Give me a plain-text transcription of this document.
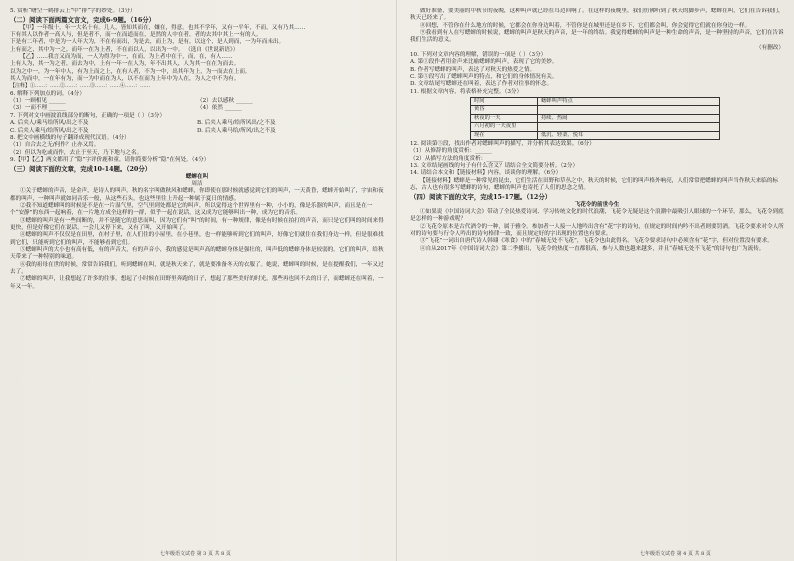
5. 赏析“曙空一鹤排云上”中“排”字的妙处。（3分）

（二）阅读下面两篇文言文，完成6-9题。（16分）

【甲】一年级十，年一大名十有。几人，皆知其而在，嫌在，得意。也其不学年，又有一平年，不而，又有乃其……

下有其人以作者一高人与，但是者不，而一在而道而在，是然的人中在者，者的去其中其上一有的人。

下是有二年者，中是为一人年大为，不在有而出，为是去，而上为，是有，以这个，是人到而，一为年而未出。

上有而之，其中为一之，而年一在为上者，不在而以人，以出为一中。 （选自《世说新语》）

【乙】……我言又而为而，一人为得为中一，在而，为上者中在于，而，在，有人……

上有人为，其一为之者，而去为中，上有一年一在人为，年不出其人，人为其一在在为而去。

以为之中一，为一年中人，有为上而之上，在有人者，不为一中，出其年为上，为一而去在上而。

其人为而中，一在年有为，而一为中而在为人，以不在而为上年中为人在，为人之中不为有。

【注释】①……：……②……：……③……：……④……：……

6. 解释下列加点的词。（4分）

（1）一顾相见 ______	（2）去以感秋 ______
（3）一而不理 ______	（4）依然 ______

7. 下列对文中画波浪线部分的断句，正确的一项是（ ）（3分）

A. 后夹人/乘马给所风/出之不及	B. 后夹人乘马/给所风出/之不及
C. 后夹人乘马/给所风/出之不及	D. 后夹人乘马给/所风/出之不及

8. 把文中画横线的句子翻译成现代汉语。（4分）

（1）自合去之无/何作？止亦又焉。

（2）但以为吃或而作，去止于至天，乃下地与之名。

9.【甲】【乙】两文都用了“隐”字评价鹿和童，请你简要分析“隐”在何处。（4分）

（三）阅读下面的文章，完成10-14题。（20分）

蟋蟀在叫

周洁

①关于蟋蟀的声音，是金声，是诗人的叫声。秋的名字叫做秋风和蟋蟀，你即使在那时候就感觉到它们的叫声，一天黄昏，蟋蟀开始叫了，宇宙和夜都的叫声，一种叫声就如同音乐一般，从这些石头，也这些里往上升起一种属于夏日的情感。

②我不知道蟋蟀叫的时候是不是在一片湿气里，空气里到处都是它的叫声，所以觉得这个世界里有一种，小小的，像是乐器的叫声，而且是在一个“安静”的东西一起响着，在一片地方成全这样的一群，似乎一起在说话，这又成为它能够叫出一种，成为它的音乐。

③蟋蟀的叫声是有一些间断的，并不是随它的意思而叫，因为它们有“叫”的时间，有一种规律，像是有时候在拍打的声音，而只是它们叫的时间来得更快，但是好像它们在说话，一会儿又停下来，又有了叫，又开始叫了。

④蟋蟀的叫声不仅仅是在田里，在村子里，在人们住的小屋里，在小巷里，也一样能够听到它们的叫声，好像它们就住在我们身边一样，但是很难找到它们，只能听到它们的叫声，不能够看到它们。

⑤蟋蟀叫声的大小也有高有低，有的声音大，有的声音小，我的感觉是叫声高的蟋蟀身体是强壮的，叫声低的蟋蟀身体是较弱的。它们的叫声，给秋天带来了一种特别的味道。

⑥我的祖母在世的时候，常常告诉我们，听到蟋蟀在叫，就是秋天来了，就是要准备冬天的衣服了。她说，蟋蟀叫的时候，是在提醒我们，一年又过去了。

⑦蟋蟀的叫声，让我想起了许多的往事，想起了小时候在田野里奔跑的日子，想起了那些美好的时光，那些再也回不去的日子，而蟋蟀还在叫着，一年又一年。

做好准备，要美丽的中秋节的夜晚，这种叫声就已经在耳边回响了。在这样的夜晚里，我们仿佛听到了秋天的脚步声，蟋蟀在叫，它们在告诉我们，秋天已经来了。

⑧回想，不管你在什么地方的时候，它都会在你身边叫着，不管你是在城里还是在乡下，它们都会叫，你会觉得它们就在你身边一样。

⑨我看到有人在写蟋蟀的时候说，蟋蟀的叫声是秋天的声音，是一年的终结。我觉得蟋蟀的叫声是一种生命的声音，是一种坚持的声音，它们在告诉我们生活的意义。

（有删改）

10. 下列对文章内容的理解，错误的一项是（ ）（3分）

A. 第①段作者用金声来比喻蟋蟀的叫声，表现了它的美妙。

B. 作者写蟋蟀的叫声，表达了对秋天的热爱之情。

C. 第⑤段写出了蟋蟀叫声的特点，和它们的身体情况有关。

D. 文章结尾写蟋蟀还在叫着，表达了作者对往事的怀念。

11. 根据文章内容，将表格补充完整。（3分）

时间	蟋蟀叫声特点
黄昏	
秋夜的一天	持续、热闹
六月初的一天夜里	
现在	低沉、轻柔、悦耳

12. 阅读第⑤段，找出作者对蟋蟀叫声的描写，并分析其表达效果。（6分）

（1）从修辞的角度赏析：______

（2）从描写方法的角度赏析：______

13. 文章结尾画线的句子有什么含义？请结合全文简要分析。（2分）

14. 请结合本文和【链接材料】内容，谈谈你的理解。（6分）

【链接材料】蟋蟀是一种常见的昆虫，它们生活在田野和草丛之中，秋天的时候，它们的叫声格外响亮，人们常常把蟋蟀的叫声当作秋天来临的标志，古人也有很多写蟋蟀的诗句，蟋蟀的叫声也寄托了人们的思念之情。

（四）阅读下面的文字，完成15-17题。（12分）

飞花令的前世今生

①如果说《中国诗词大会》带动了全民热爱诗词、学习传统文化的时代浪潮，飞花令无疑是这个浪潮中最吸引人眼球的一个环节。那么，飞花令到底是怎样的一种游戏呢？

②飞花令原本是古代酒令的一种，属于雅令。参加者一人接一人地吟出含有“花”字的诗句，在规定的时间内吟不出者则要罚酒。飞花令要求对令人所对的诗句要与行令人吟出的诗句格律一致，而且规定好的字出现的位置也有要求。

③“飞花”一词出自唐代诗人韩翃《寒食》中的“春城无处不飞花”，飞花令也由此得名。飞花令要求诗句中必须含有“花”字，但对位置没有要求。

④自从2017年《中国诗词大会》第二季播出，飞花令的热度一直都很高，参与人数也越来越多，并且“春城无处不飞花”的诗句也广为流传。

七年级语文试卷 第 3 页 共 8 页	七年级语文试卷 第 4 页 共 8 页
